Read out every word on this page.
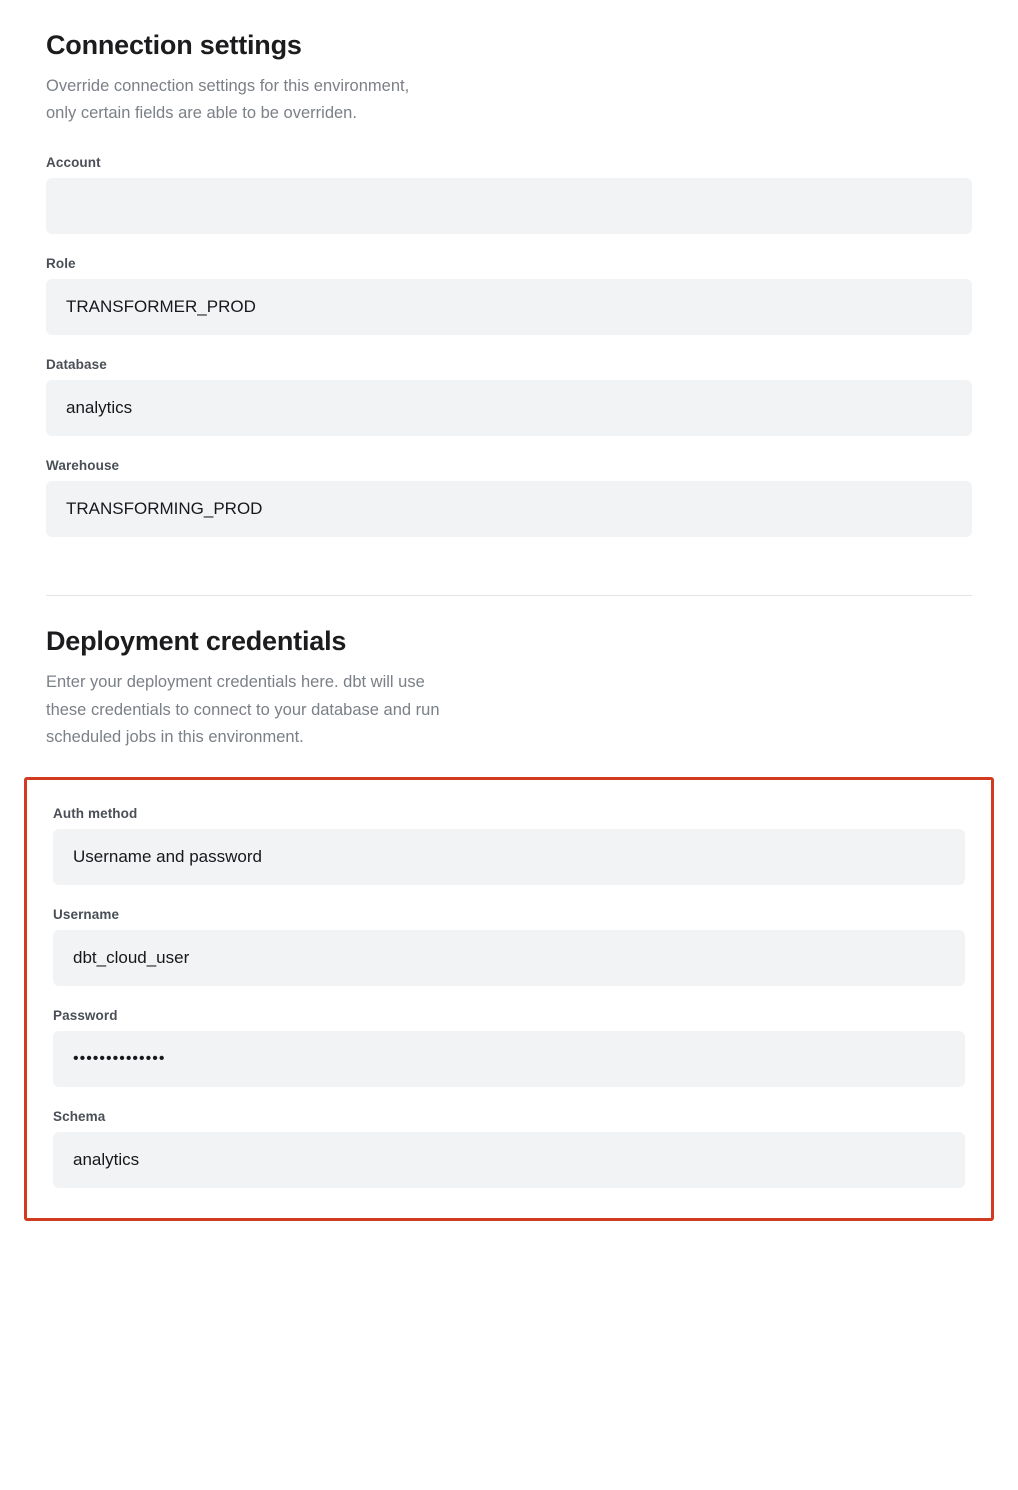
Connection settings
Override connection settings for this environment,
only certain fields are able to be overriden.
Account
Role
TRANSFORMER_PROD
Database
analytics
Warehouse
TRANSFORMING_PROD
Deployment credentials
Enter your deployment credentials here. dbt will use
these credentials to connect to your database and run
scheduled jobs in this environment.
Auth method
Username and password
Username
dbt_cloud_user
Password
••••••••••••••
Schema
analytics
